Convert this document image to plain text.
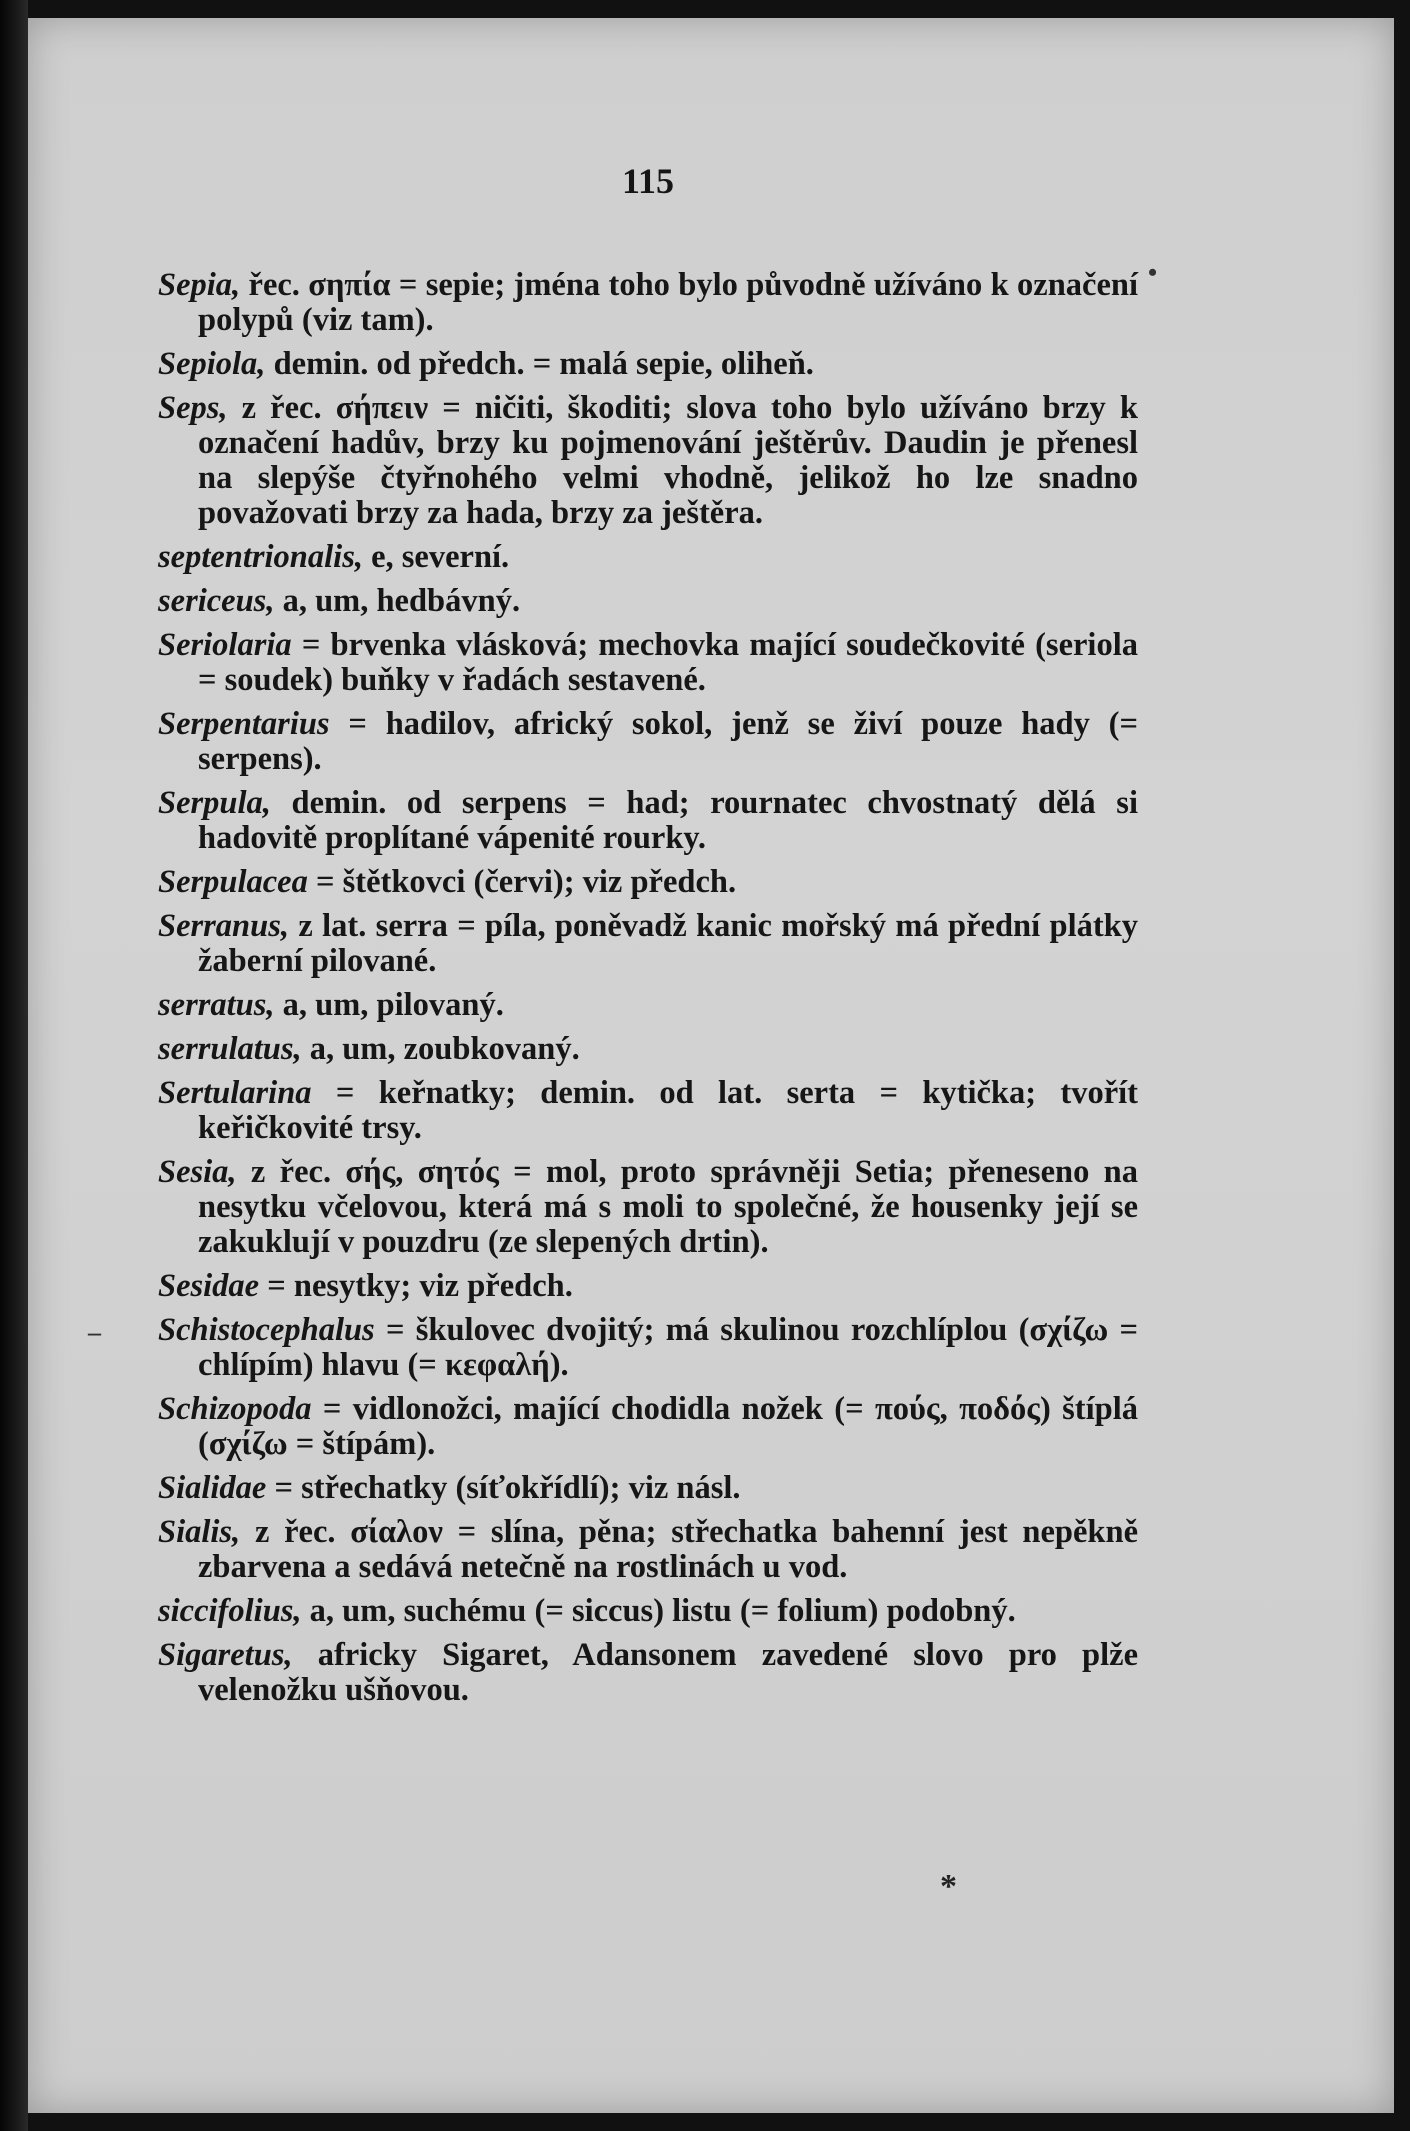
115
•
–

Sepia, řec. σηπία = sepie; jména toho bylo původně užíváno k označení polypů (viz tam).

Sepiola, demin. od předch. = malá sepie, oliheň.

Seps, z řec. σήπειν = ničiti, škoditi; slova toho bylo užíváno brzy k označení hadův, brzy ku pojmenování ještěrův. Daudin je přenesl na slepýše čtyřnohého velmi vhodně, jelikož ho lze snadno považovati brzy za hada, brzy za ještěra.

septentrionalis, e, severní.

sericeus, a, um, hedbávný.

Seriolaria = brvenka vlásková; mechovka mající soudečkovité (seriola = soudek) buňky v řadách sestavené.

Serpentarius = hadilov, africký sokol, jenž se živí pouze hady (= serpens).

Serpula, demin. od serpens = had; rournatec chvostnatý dělá si hadovitě proplítané vápenité rourky.

Serpulacea = štětkovci (červi); viz předch.

Serranus, z lat. serra = píla, poněvadž kanic mořský má přední plátky žaberní pilované.

serratus, a, um, pilovaný.

serrulatus, a, um, zoubkovaný.

Sertularina = keřnatky; demin. od lat. serta = kytička; tvořít keřičkovité trsy.

Sesia, z řec. σής, σητός = mol, proto správněji Setia; přeneseno na nesytku včelovou, která má s moli to společné, že housenky její se zakuklují v pouzdru (ze slepených drtin).

Sesidae = nesytky; viz předch.

Schistocephalus = škulovec dvojitý; má skulinou rozchlíplou (σχίζω = chlípím) hlavu (= κεφαλή).

Schizopoda = vidlonožci, mající chodidla nožek (= πούς, ποδός) štíplá (σχίζω = štípám).

Sialidae = střechatky (síťokřídlí); viz násl.

Sialis, z řec. σίαλον = slína, pěna; střechatka bahenní jest nepěkně zbarvena a sedává netečně na rostlinách u vod.

siccifolius, a, um, suchému (= siccus) listu (= folium) podobný.

Sigaretus, africky Sigaret, Adansonem zavedené slovo pro plže velenožku ušňovou.

*
